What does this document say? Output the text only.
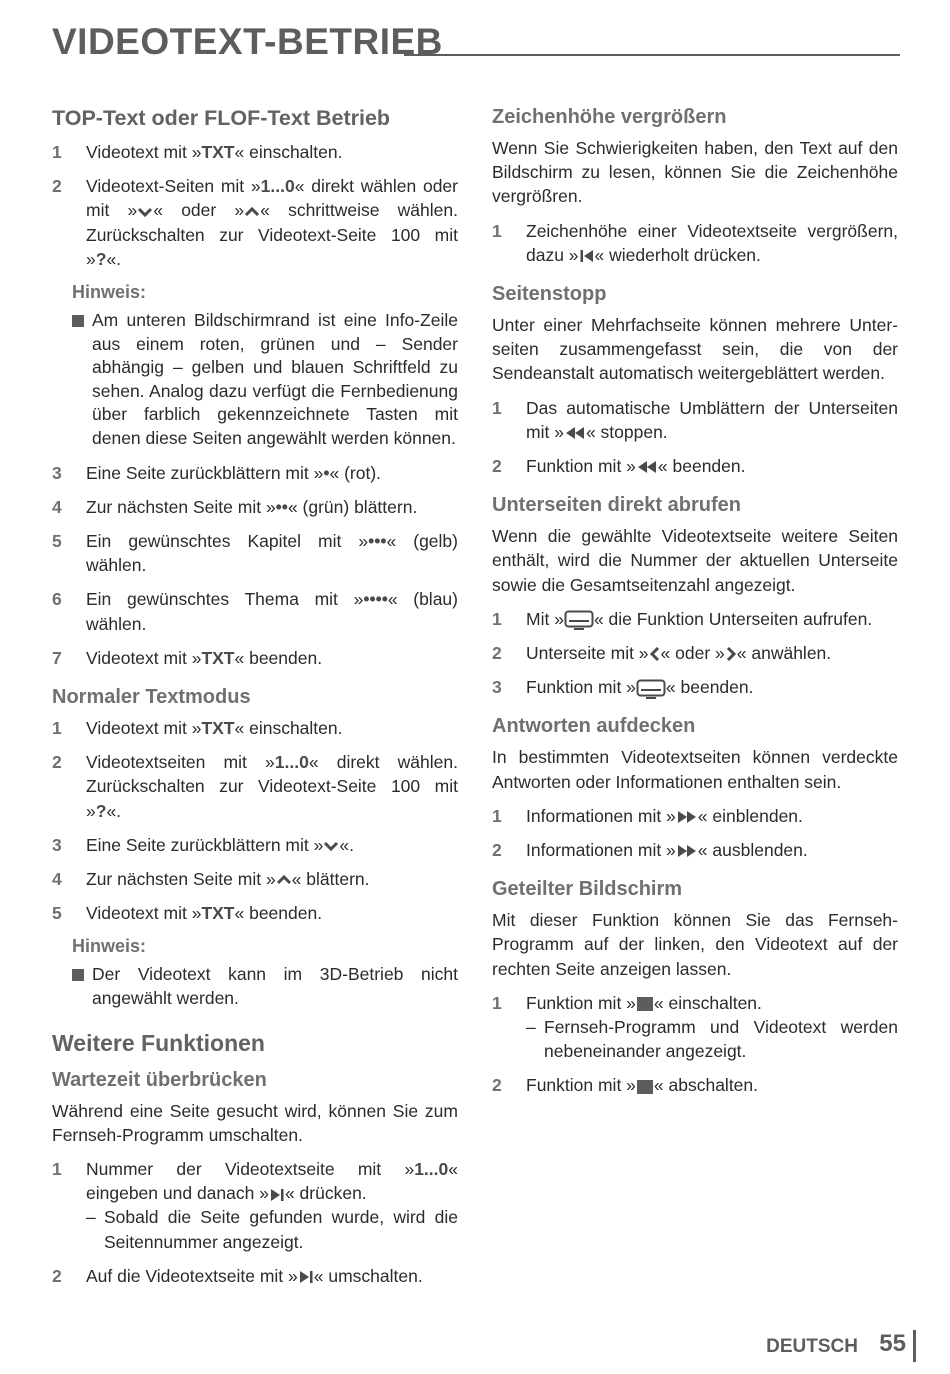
VIDEOTEXT-BETRIEB
TOP-Text oder FLOF-Text Betrieb
1 Videotext mit »TXT« einschalten.
2 Videotext-Seiten mit »1...0« direkt wählen oder mit » « oder » « schrittweise wählen. Zurückschalten zur Videotext-Seite 100 mit »?«.
Hinweis:
Am unteren Bildschirmrand ist eine Info-Zeile aus einem roten, grünen und – Sender abhängig – gelben und blauen Schriftfeld zu sehen. Analog dazu verfügt die Fernbedienung über farblich gekennzeichnete Tasten mit denen diese Seiten angewählt werden können.
3 Eine Seite zurückblättern mit »•« (rot).
4 Zur nächsten Seite mit »••« (grün) blättern.
5 Ein gewünschtes Kapitel mit »•••« (gelb) wählen.
6 Ein gewünschtes Thema mit »••••« (blau) wählen.
7 Videotext mit »TXT« beenden.
Normaler Textmodus
1 Videotext mit »TXT« einschalten.
2 Videotextseiten mit »1...0« direkt wählen. Zurückschalten zur Videotext-Seite 100 mit »?«.
3 Eine Seite zurückblättern mit » «.
4 Zur nächsten Seite mit » « blättern.
5 Videotext mit »TXT« beenden.
Hinweis:
Der Videotext kann im 3D-Betrieb nicht angewählt werden.
Weitere Funktionen
Wartezeit überbrücken

Während eine Seite gesucht wird, können Sie zum Fernseh-Programm umschalten.

1 Nummer der Videotextseite mit »1...0« eingeben und danach » « drücken.
– Sobald die Seite gefunden wurde, wird die Seitennummer angezeigt.
2 Auf die Videotextseite mit » « umschalten.
Zeichenhöhe vergrößern

Wenn Sie Schwierigkeiten haben, den Text auf den Bildschirm zu lesen, können Sie die Zeichenhöhe vergrößren.

1 Zeichenhöhe einer Videotextseite vergrößern, dazu » « wiederholt drücken.
Seitenstopp

Unter einer Mehrfachseite können mehrere Unter- seiten zusammengefasst sein, die von der Sendeanstalt automatisch weitergeblättert werden.

1 Das automatische Umblättern der Unterseiten mit » « stoppen.
2 Funktion mit » « beenden.
Unterseiten direkt abrufen

Wenn die gewählte Videotextseite weitere Seiten enthält, wird die Nummer der aktuellen Unterseite sowie die Gesamtseitenzahl angezeigt.

1 Mit » « die Funktion Unterseiten aufrufen.
2 Unterseite mit » « oder » « anwählen.
3 Funktion mit » « beenden.
Antworten aufdecken

In bestimmten Videotextseiten können verdeckte Antworten oder Informationen enthalten sein.

1 Informationen mit » « einblenden.
2 Informationen mit » « ausblenden.
Geteilter Bildschirm

Mit dieser Funktion können Sie das Fernseh-Programm auf der linken, den Videotext auf der rechten Seite anzeigen lassen.

1 Funktion mit » « einschalten.
– Fernseh-Programm und Videotext werden nebeneinander angezeigt.
2 Funktion mit » « abschalten.
DEUTSCH 55
